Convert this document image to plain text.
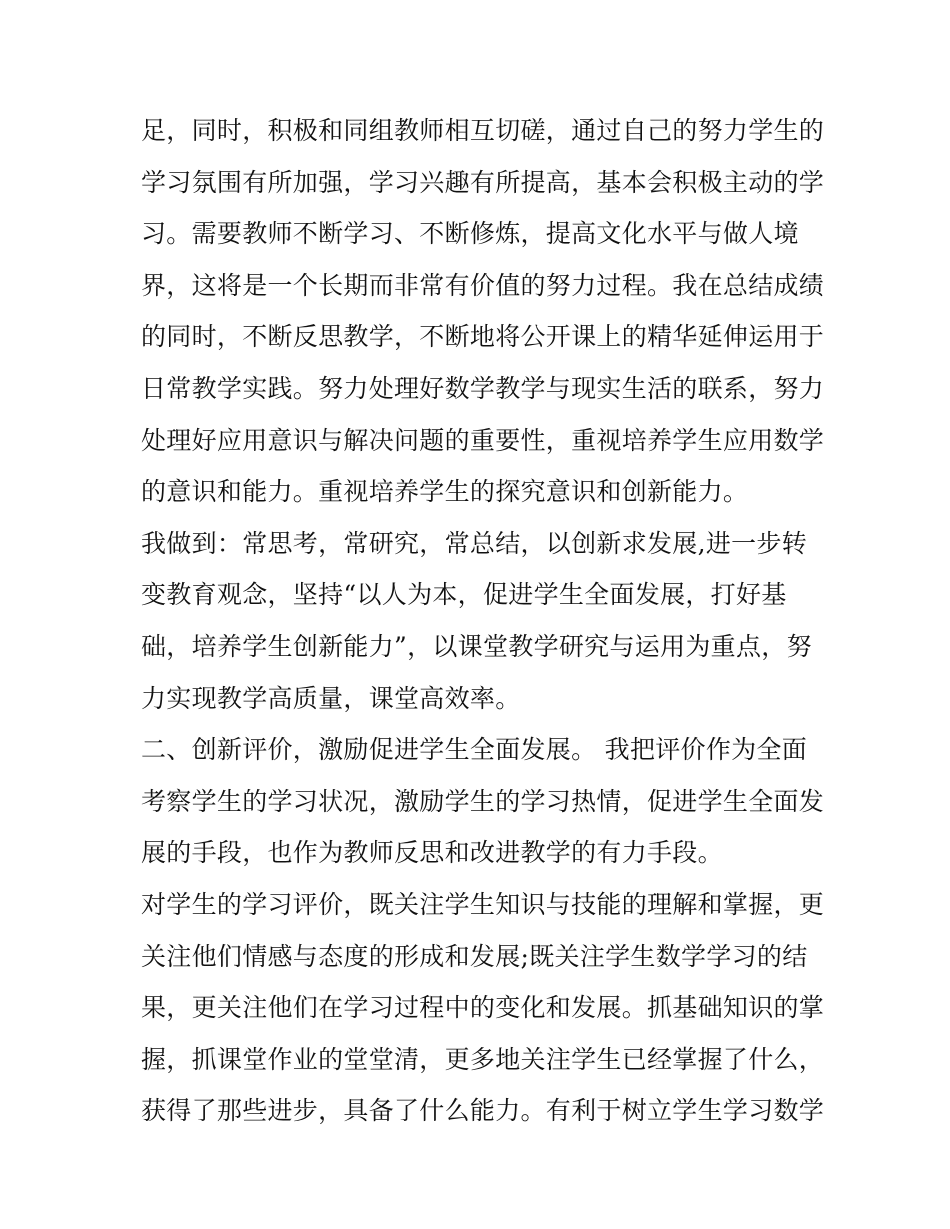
足，同时，积极和同组教师相互切磋，通过自己的努力学生的
学习氛围有所加强，学习兴趣有所提高，基本会积极主动的学
习。需要教师不断学习、不断修炼，提高文化水平与做人境
界，这将是一个长期而非常有价值的努力过程。我在总结成绩
的同时，不断反思教学，不断地将公开课上的精华延伸运用于
日常教学实践。努力处理好数学教学与现实生活的联系，努力
处理好应用意识与解决问题的重要性，重视培养学生应用数学
的意识和能力。重视培养学生的探究意识和创新能力。
我做到：常思考，常研究，常总结，以创新求发展,进一步转
变教育观念，坚持“以人为本，促进学生全面发展，打好基
础，培养学生创新能力”，以课堂教学研究与运用为重点，努
力实现教学高质量，课堂高效率。
二、创新评价，激励促进学生全面发展。 我把评价作为全面
考察学生的学习状况，激励学生的学习热情，促进学生全面发
展的手段，也作为教师反思和改进教学的有力手段。
对学生的学习评价，既关注学生知识与技能的理解和掌握，更
关注他们情感与态度的形成和发展;既关注学生数学学习的结
果，更关注他们在学习过程中的变化和发展。抓基础知识的掌
握，抓课堂作业的堂堂清，更多地关注学生已经掌握了什么，
获得了那些进步，具备了什么能力。有利于树立学生学习数学
